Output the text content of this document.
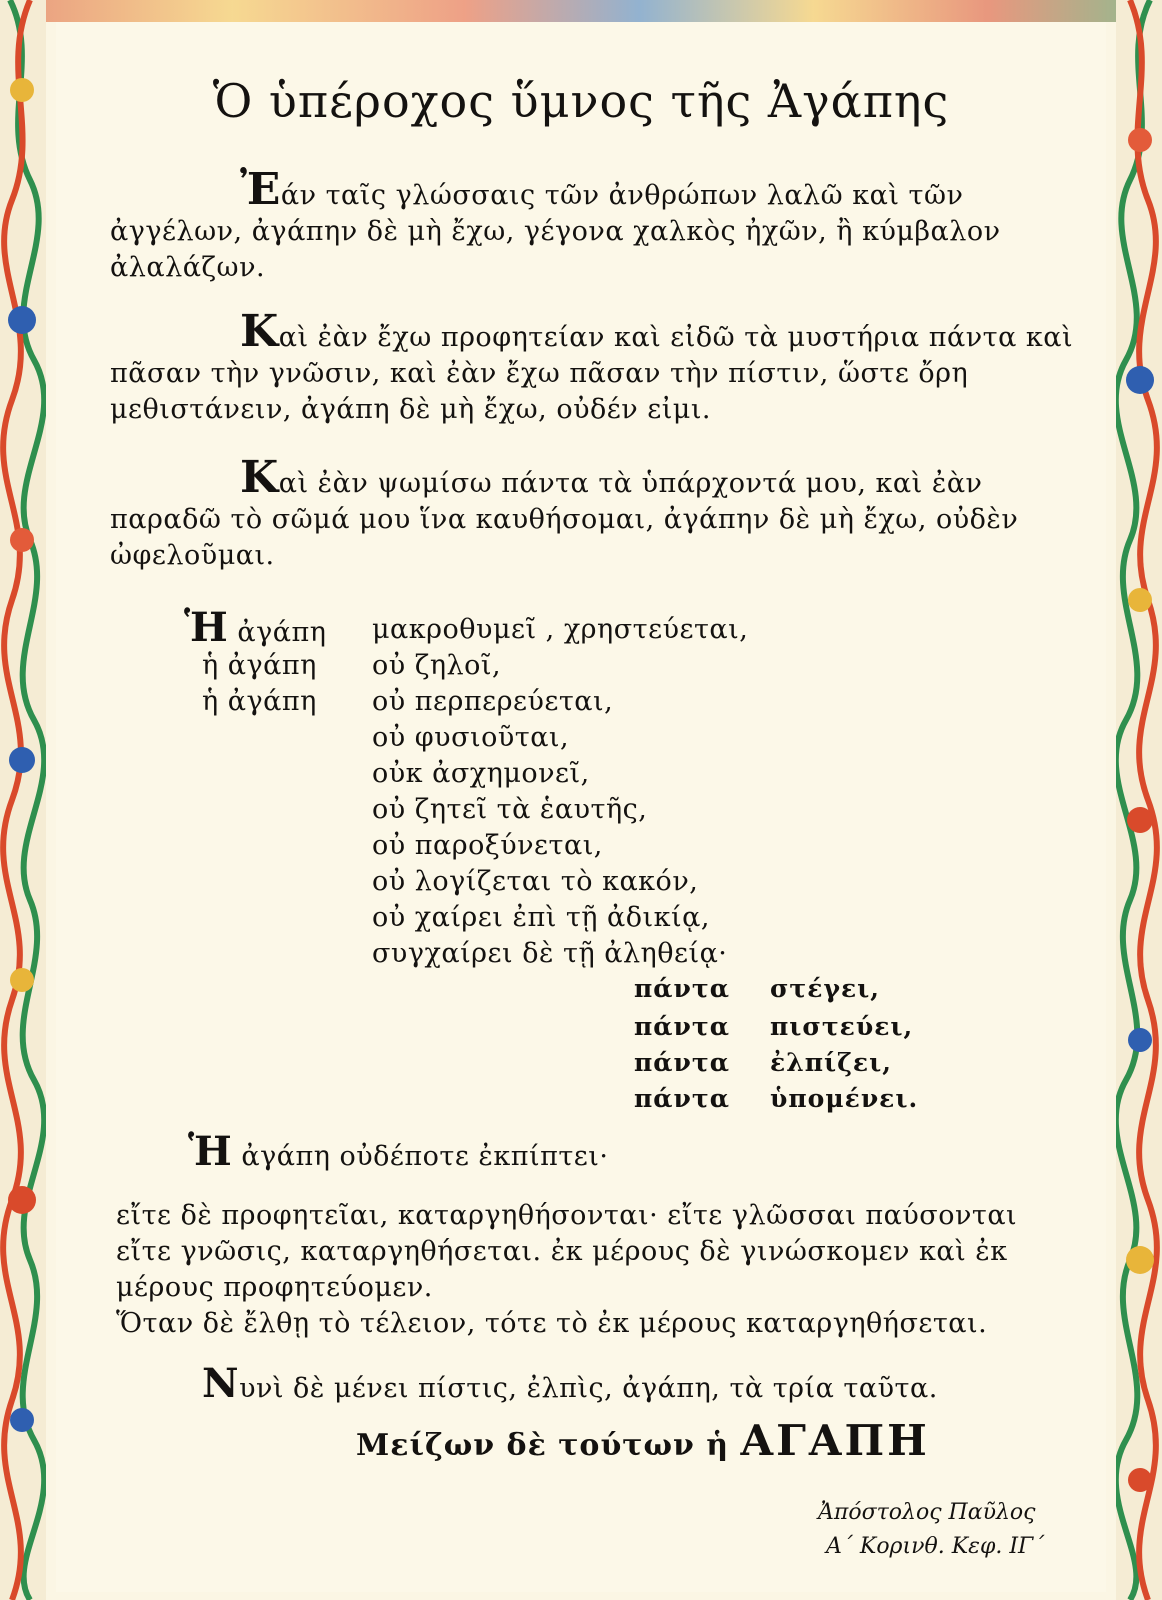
Ὁ ὑπέροχος ὕμνος τῆς Ἀγάπης

Ἐάν ταῖς γλώσσαις τῶν ἀνθρώπων λαλῶ καὶ τῶν ἀγγέλων, ἀγάπην δὲ μὴ ἔχω, γέγονα χαλκὸς ἠχῶν, ἢ κύμβαλον ἀλαλάζων.

Καὶ ἐὰν ἔχω προφητείαν καὶ εἰδῶ τὰ μυστήρια πάντα καὶ πᾶσαν τὴν γνῶσιν, καὶ ἐὰν ἔχω πᾶσαν τὴν πίστιν, ὥστε ὄρη μεθιστάνειν, ἀγάπη δὲ μὴ ἔχω, οὐδέν εἰμι.

Καὶ ἐὰν ψωμίσω πάντα τὰ ὑπάρχοντά μου, καὶ ἐὰν παραδῶ τὸ σῶμά μου ἵνα καυθήσομαι, ἀγάπην δὲ μὴ ἔχω, οὐδὲν ὠφελοῦμαι.

Ἡ ἀγάπη μακροθυμεῖ , χρηστεύεται,
ἡ ἀγάπη οὐ ζηλοῖ,
ἡ ἀγάπη οὐ περπερεύεται,
οὐ φυσιοῦται,
οὐκ ἀσχημονεῖ,
οὐ ζητεῖ τὰ ἑαυτῆς,
οὐ παροξύνεται,
οὐ λογίζεται τὸ κακόν,
οὐ χαίρει ἐπὶ τῇ ἀδικίᾳ,
συγχαίρει δὲ τῇ ἀληθείᾳ·
πάντα στέγει,
πάντα πιστεύει,
πάντα ἐλπίζει,
πάντα ὑπομένει.
Ἡ ἀγάπη οὐδέποτε ἐκπίπτει·
εἴτε δὲ προφητεῖαι, καταργηθήσονται· εἴτε γλῶσσαι παύσονται
εἴτε γνῶσις, καταργηθήσεται. ἐκ μέρους δὲ γινώσκομεν καὶ ἐκ
μέρους προφητεύομεν.
Ὅταν δὲ ἔλθῃ τὸ τέλειον, τότε τὸ ἐκ μέρους καταργηθήσεται.
Νυνὶ δὲ μένει πίστις, ἐλπὶς, ἀγάπη, τὰ τρία ταῦτα.
Μείζων δὲ τούτων ἡ ΑΓΑΠΗ
Ἀπόστολος Παῦλος
Α΄ Κορινθ. Κεφ. ΙΓ΄
